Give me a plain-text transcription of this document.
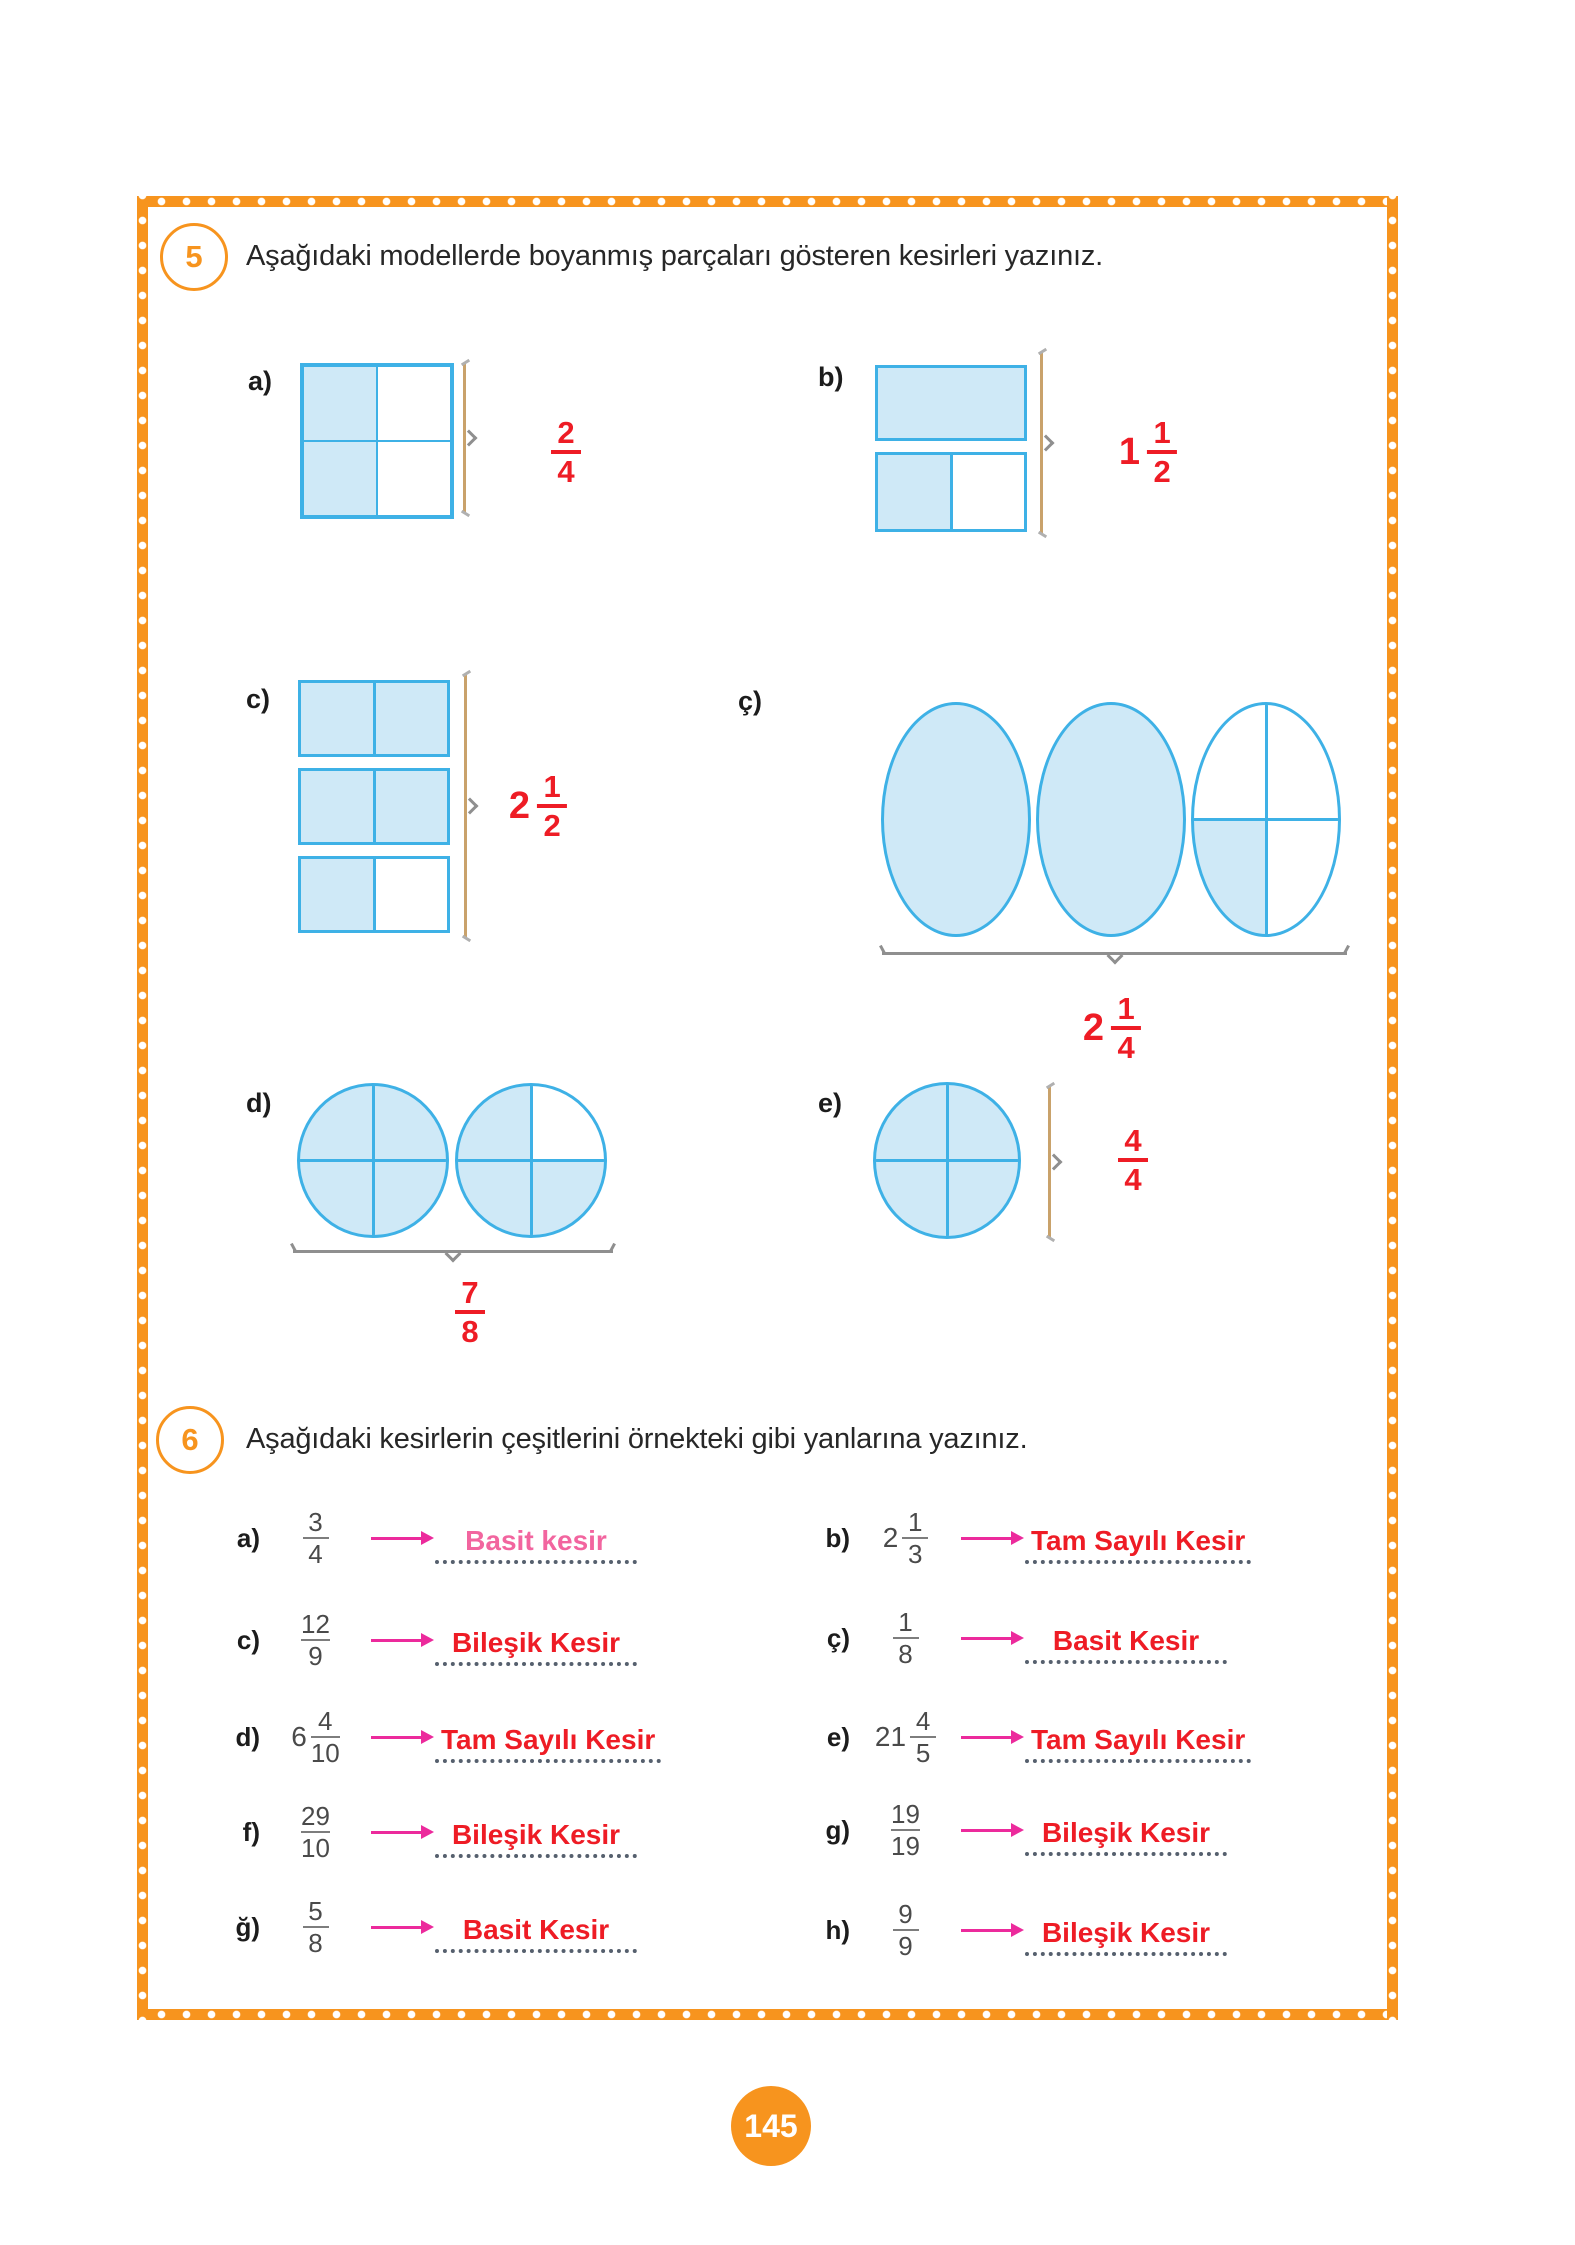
5 Aşağıdaki modellerde boyanmış parçaları gösteren kesirleri yazınız.
a)
2
4
b)
1 1
2
c)
2 1
2
ç)
2 1
4
d)
7
8
e)
4
4
6 Aşağıdaki kesirlerin çeşitlerini örnekteki gibi yanlarına yazınız.
145
a)
3
4	Basit kesir
c)
12
9	Bileşik Kesir
d) 6
4
10	Tam Sayılı Kesir
f)
29
10	Bileşik Kesir
ğ)
5
8	Basit Kesir
b) 2
1
3	Tam Sayılı Kesir
ç)
1
8	Basit Kesir
e) 21
4
5	Tam Sayılı Kesir
g)
19
19	Bileşik Kesir
h)
9
9	Bileşik Kesir
